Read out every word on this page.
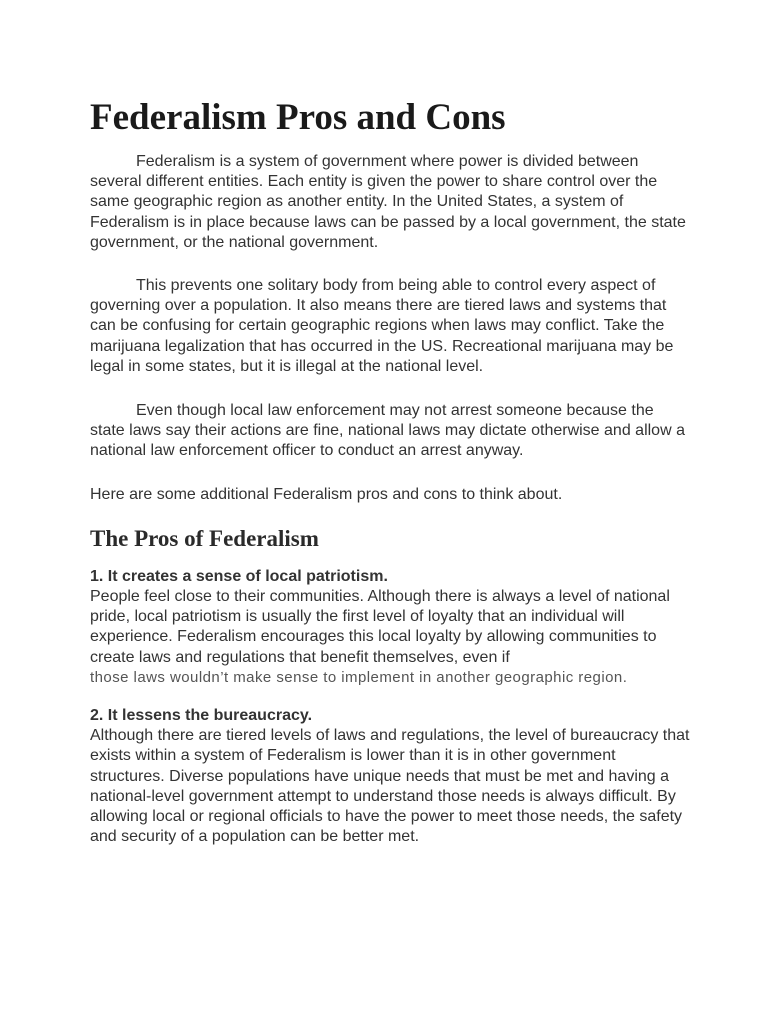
Federalism Pros and Cons

Federalism is a system of government where power is divided between several different entities. Each entity is given the power to share control over the same geographic region as another entity. In the United States, a system of Federalism is in place because laws can be passed by a local government, the state government, or the national government.

This prevents one solitary body from being able to control every aspect of governing over a population. It also means there are tiered laws and systems that can be confusing for certain geographic regions when laws may conflict. Take the marijuana legalization that has occurred in the US. Recreational marijuana may be legal in some states, but it is illegal at the national level.

Even though local law enforcement may not arrest someone because the state laws say their actions are fine, national laws may dictate otherwise and allow a national law enforcement officer to conduct an arrest anyway.

Here are some additional Federalism pros and cons to think about.

The Pros of Federalism

1. It creates a sense of local patriotism.

People feel close to their communities. Although there is always a level of national pride, local patriotism is usually the first level of loyalty that an individual will experience. Federalism encourages this local loyalty by allowing communities to create laws and regulations that benefit themselves, even if
those laws wouldn’t make sense to implement in another geographic region.

2. It lessens the bureaucracy.

Although there are tiered levels of laws and regulations, the level of bureaucracy that exists within a system of Federalism is lower than it is in other government structures. Diverse populations have unique needs that must be met and having a national-level government attempt to understand those needs is always difficult. By allowing local or regional officials to have the power to meet those needs, the safety and security of a population can be better met.
